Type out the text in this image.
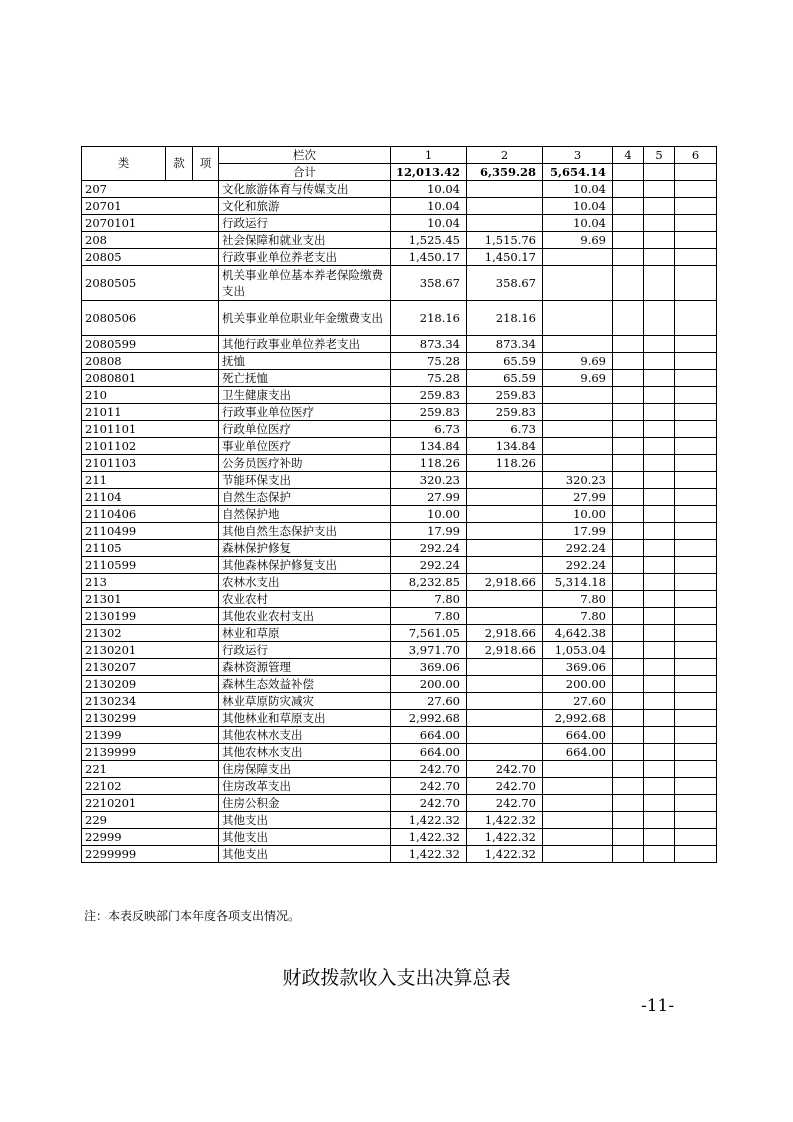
类	款	项	栏次	1	2	3	4	5	6
			合计	12,013.42	6,359.28	5,654.14			
207			文化旅游体育与传媒支出	10.04		10.04			
20701			文化和旅游	10.04		10.04			
2070101			行政运行	10.04		10.04			
208			社会保障和就业支出	1,525.45	1,515.76	9.69			
20805			行政事业单位养老支出	1,450.17	1,450.17				
2080505			机关事业单位基本养老保险缴费支出	358.67	358.67				
2080506			机关事业单位职业年金缴费支出	218.16	218.16				
2080599			其他行政事业单位养老支出	873.34	873.34				
20808			抚恤	75.28	65.59	9.69			
2080801			死亡抚恤	75.28	65.59	9.69			
210			卫生健康支出	259.83	259.83				
21011			行政事业单位医疗	259.83	259.83				
2101101			行政单位医疗	6.73	6.73				
2101102			事业单位医疗	134.84	134.84				
2101103			公务员医疗补助	118.26	118.26				
211			节能环保支出	320.23		320.23			
21104			自然生态保护	27.99		27.99			
2110406			自然保护地	10.00		10.00			
2110499			其他自然生态保护支出	17.99		17.99			
21105			森林保护修复	292.24		292.24			
2110599			其他森林保护修复支出	292.24		292.24			
213			农林水支出	8,232.85	2,918.66	5,314.18			
21301			农业农村	7.80		7.80			
2130199			其他农业农村支出	7.80		7.80			
21302			林业和草原	7,561.05	2,918.66	4,642.38			
2130201			行政运行	3,971.70	2,918.66	1,053.04			
2130207			森林资源管理	369.06		369.06			
2130209			森林生态效益补偿	200.00		200.00			
2130234			林业草原防灾减灾	27.60		27.60			
2130299			其他林业和草原支出	2,992.68		2,992.68			
21399			其他农林水支出	664.00		664.00			
2139999			其他农林水支出	664.00		664.00			
221			住房保障支出	242.70	242.70				
22102			住房改革支出	242.70	242.70				
2210201			住房公积金	242.70	242.70				
229			其他支出	1,422.32	1,422.32				
22999			其他支出	1,422.32	1,422.32				
2299999			其他支出	1,422.32	1,422.32				
注：本表反映部门本年度各项支出情况。
财政拨款收入支出决算总表
-11-
